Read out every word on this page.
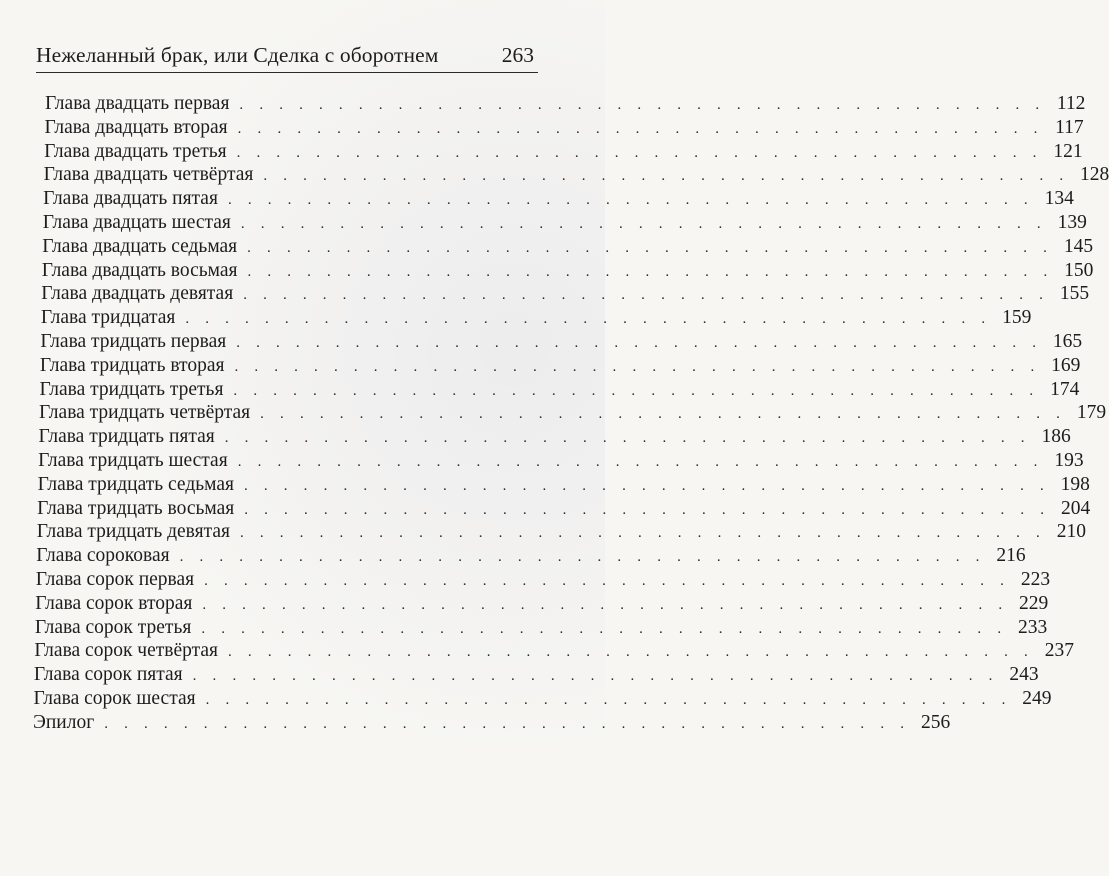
Нежеланный брак, или Сделка с оборотнем	263
Глава двадцать первая . . . . . . . . . . . . . . . . . . . . . . . . . . . . . . . . . . . . . . . . . 112
Глава двадцать вторая . . . . . . . . . . . . . . . . . . . . . . . . . . . . . . . . . . . . . . . . . 117
Глава двадцать третья . . . . . . . . . . . . . . . . . . . . . . . . . . . . . . . . . . . . . . . . . 121
Глава двадцать четвёртая . . . . . . . . . . . . . . . . . . . . . . . . . . . . . . . . . . . . . . . . . 128
Глава двадцать пятая . . . . . . . . . . . . . . . . . . . . . . . . . . . . . . . . . . . . . . . . . 134
Глава двадцать шестая . . . . . . . . . . . . . . . . . . . . . . . . . . . . . . . . . . . . . . . . . 139
Глава двадцать седьмая . . . . . . . . . . . . . . . . . . . . . . . . . . . . . . . . . . . . . . . . . 145
Глава двадцать восьмая . . . . . . . . . . . . . . . . . . . . . . . . . . . . . . . . . . . . . . . . . 150
Глава двадцать девятая . . . . . . . . . . . . . . . . . . . . . . . . . . . . . . . . . . . . . . . . . 155
Глава тридцатая . . . . . . . . . . . . . . . . . . . . . . . . . . . . . . . . . . . . . . . . . 159
Глава тридцать первая . . . . . . . . . . . . . . . . . . . . . . . . . . . . . . . . . . . . . . . . . 165
Глава тридцать вторая . . . . . . . . . . . . . . . . . . . . . . . . . . . . . . . . . . . . . . . . . 169
Глава тридцать третья . . . . . . . . . . . . . . . . . . . . . . . . . . . . . . . . . . . . . . . . . 174
Глава тридцать четвёртая . . . . . . . . . . . . . . . . . . . . . . . . . . . . . . . . . . . . . . . . . 179
Глава тридцать пятая . . . . . . . . . . . . . . . . . . . . . . . . . . . . . . . . . . . . . . . . . 186
Глава тридцать шестая . . . . . . . . . . . . . . . . . . . . . . . . . . . . . . . . . . . . . . . . . 193
Глава тридцать седьмая . . . . . . . . . . . . . . . . . . . . . . . . . . . . . . . . . . . . . . . . . 198
Глава тридцать восьмая . . . . . . . . . . . . . . . . . . . . . . . . . . . . . . . . . . . . . . . . . 204
Глава тридцать девятая . . . . . . . . . . . . . . . . . . . . . . . . . . . . . . . . . . . . . . . . . 210
Глава сороковая . . . . . . . . . . . . . . . . . . . . . . . . . . . . . . . . . . . . . . . . . 216
Глава сорок первая . . . . . . . . . . . . . . . . . . . . . . . . . . . . . . . . . . . . . . . . . 223
Глава сорок вторая . . . . . . . . . . . . . . . . . . . . . . . . . . . . . . . . . . . . . . . . . 229
Глава сорок третья . . . . . . . . . . . . . . . . . . . . . . . . . . . . . . . . . . . . . . . . . 233
Глава сорок четвёртая . . . . . . . . . . . . . . . . . . . . . . . . . . . . . . . . . . . . . . . . . 237
Глава сорок пятая . . . . . . . . . . . . . . . . . . . . . . . . . . . . . . . . . . . . . . . . . 243
Глава сорок шестая . . . . . . . . . . . . . . . . . . . . . . . . . . . . . . . . . . . . . . . . . 249
Эпилог . . . . . . . . . . . . . . . . . . . . . . . . . . . . . . . . . . . . . . . . . 256
